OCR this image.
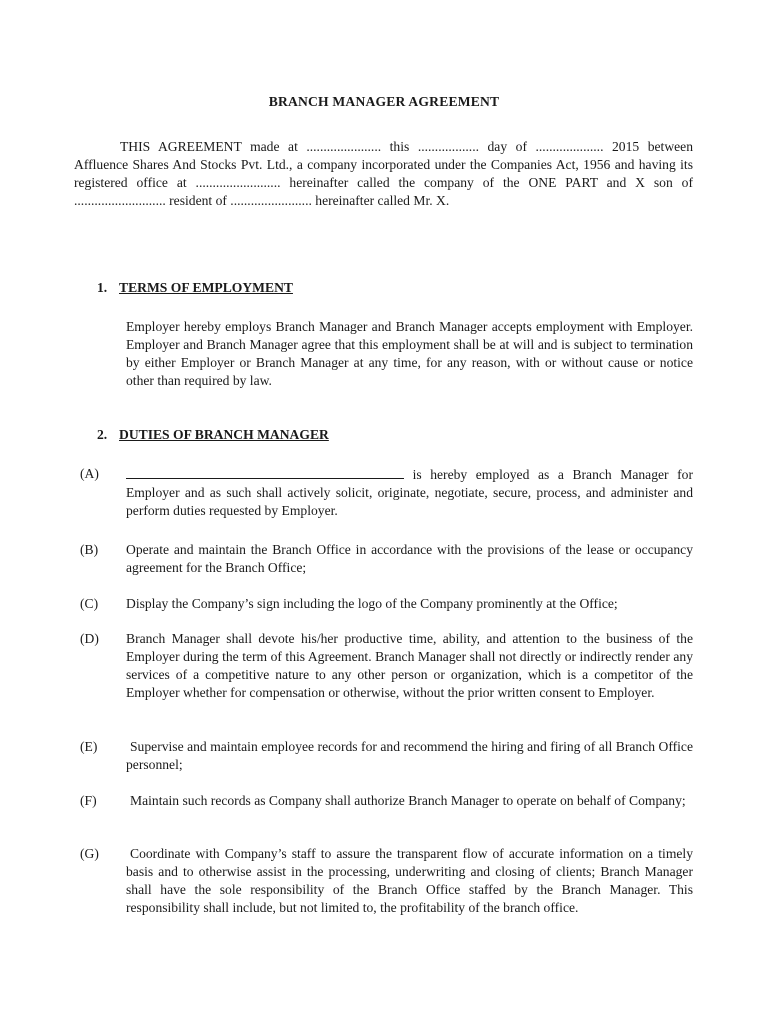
BRANCH MANAGER AGREEMENT
THIS AGREEMENT made at ...................... this .................. day of .................... 2015 between Affluence Shares And Stocks Pvt. Ltd., a company incorporated under the Companies Act, 1956 and having its registered office at ......................... hereinafter called the company of the ONE PART and X son of ........................... resident of ........................ hereinafter called Mr. X.
1. TERMS OF EMPLOYMENT
Employer hereby employs Branch Manager and Branch Manager accepts employment with Employer. Employer and Branch Manager agree that this employment shall be at will and is subject to termination by either Employer or Branch Manager at any time, for any reason, with or without cause or notice other than required by law.
2. DUTIES OF BRANCH MANAGER
(A)	is hereby employed as a Branch Manager for Employer and as such shall actively solicit, originate, negotiate, secure, process, and administer and perform duties requested by Employer.
(B) Operate and maintain the Branch Office in accordance with the provisions of the lease or occupancy agreement for the Branch Office;
(C) Display the Company’s sign including the logo of the Company prominently at the Office;
(D) Branch Manager shall devote his/her productive time, ability, and attention to the business of the Employer during the term of this Agreement. Branch Manager shall not directly or indirectly render any services of a competitive nature to any other person or organization, which is a competitor of the Employer whether for compensation or otherwise, without the prior written consent to Employer.
(E) Supervise and maintain employee records for and recommend the hiring and firing of all Branch Office personnel;
(F) Maintain such records as Company shall authorize Branch Manager to operate on behalf of Company;
(G) Coordinate with Company’s staff to assure the transparent flow of accurate information on a timely basis and to otherwise assist in the processing, underwriting and closing of clients; Branch Manager shall have the sole responsibility of the Branch Office staffed by the Branch Manager. This responsibility shall include, but not limited to, the profitability of the branch office.
